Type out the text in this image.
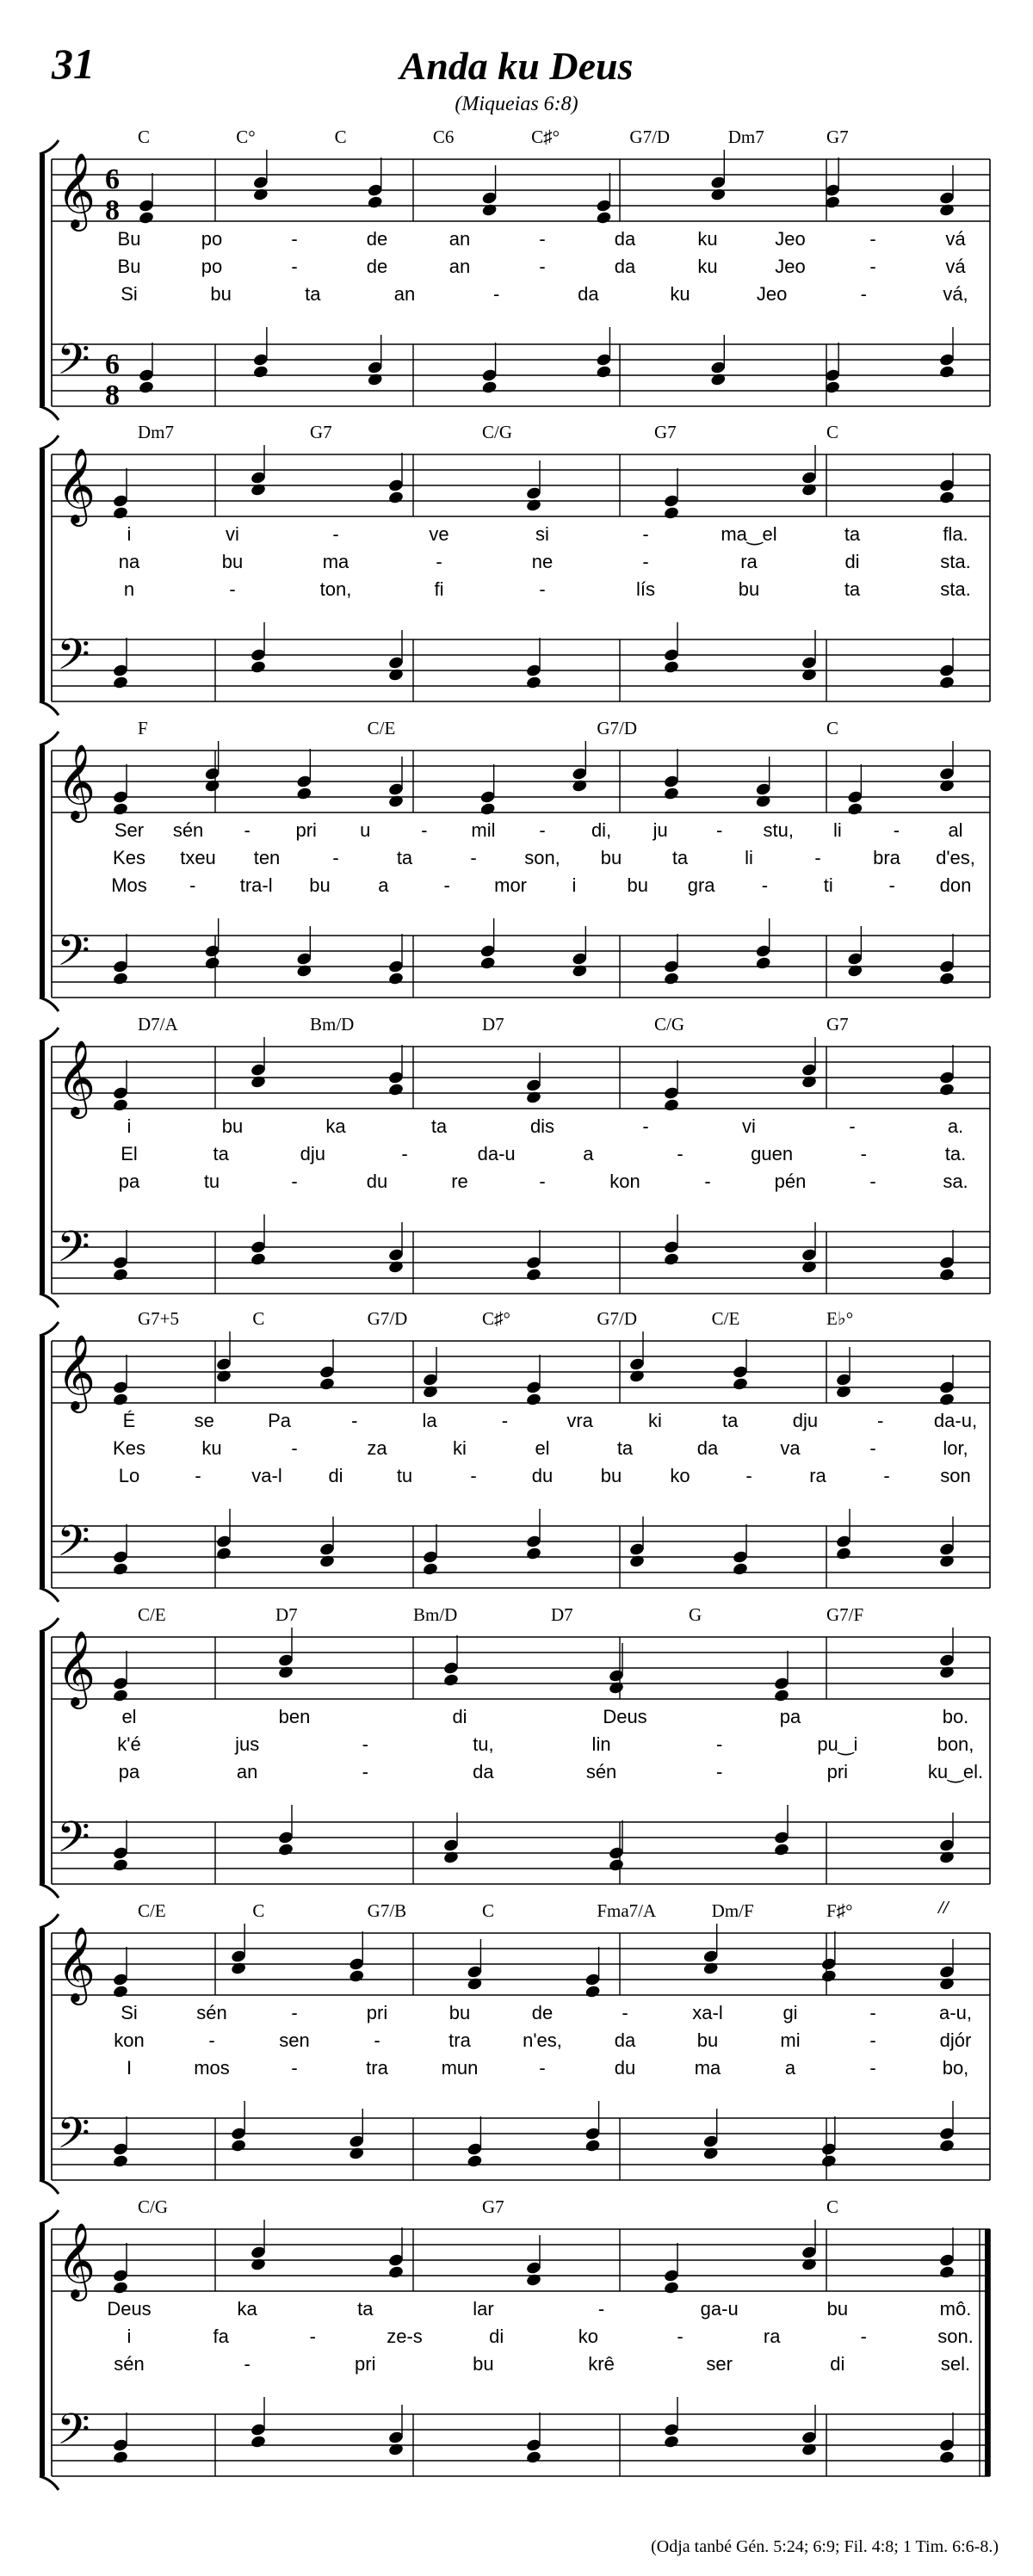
31	Anda ku Deus
(Miqueias 6:8)
𝄞
𝄢
6
8
6
8
C	C°	C	C6	C♯°	G7/D	Dm7	G7
Bu	po	-	de	an	-	da	ku	Jeo	-	vá
Bu	po	-	de	an	-	da	ku	Jeo	-	vá
Si	bu	ta	an	-	da	ku	Jeo	-	vá,
𝄞
𝄢
Dm7	G7	C/G	G7	C
i	vi	-	ve	si	-	ma‿el	ta	fla.
na	bu	ma	-	ne	-	ra	di	sta.
n	-	ton,	fi	-	lís	bu	ta	sta.
𝄞
𝄢
F	C/E	G7/D	C
Ser sén - pri u	- mil - di, ju	- stu, li	-	al
Kes txeu ten	-	ta	-	son, bu	ta	li	-	bra d'es,
Mos - tra-l bu	a	- mor i	bu gra -	ti	- don
𝄞
𝄢
D7/A	Bm/D	D7	C/G	G7
i	bu	ka	ta	dis	-	vi	-	a.
El	ta	dju	-	da-u	a	-	guen	-	ta.
pa	tu	-	du	re	-	kon	-	pén	-	sa.
𝄞
𝄢
G7+5	C	G7/D	C♯°	G7/D	C/E	E♭°
É	se	Pa	-	la	-	vra	ki	ta	dju	-	da-u,
Kes	ku	-	za	ki	el	ta	da	va	-	lor,
Lo	-	va-l di	tu	-	du	bu	ko	-	ra	-	son
𝄞
𝄢
C/E	D7	Bm/D	D7	G	G7/F
el	ben	di	Deus	pa	bo.
k'é	jus	-	tu,	lin	-	pu‿i	bon,
pa	an	-	da	sén	-	pri	ku‿el.
𝄞
𝄢
C/E	C	G7/B	C	Fma7/A	Dm/F	F♯°	//
Si	sén	-	pri	bu	de	-	xa-l	gi	-	a-u,
kon	-	sen	-	tra	n'es,	da	bu	mi	-	djór
I	mos	-	tra	mun	-	du	ma	a	-	bo,
𝄞
𝄢
C/G	G7	C
Deus	ka	ta	lar	-	ga-u	bu	mô.
i	fa	-	ze-s	di	ko	-	ra	-	son.
sén	-	pri	bu	krê	ser	di	sel.
(Odja tanbé Gén. 5:24; 6:9; Fil. 4:8; 1 Tim. 6:6-8.)
